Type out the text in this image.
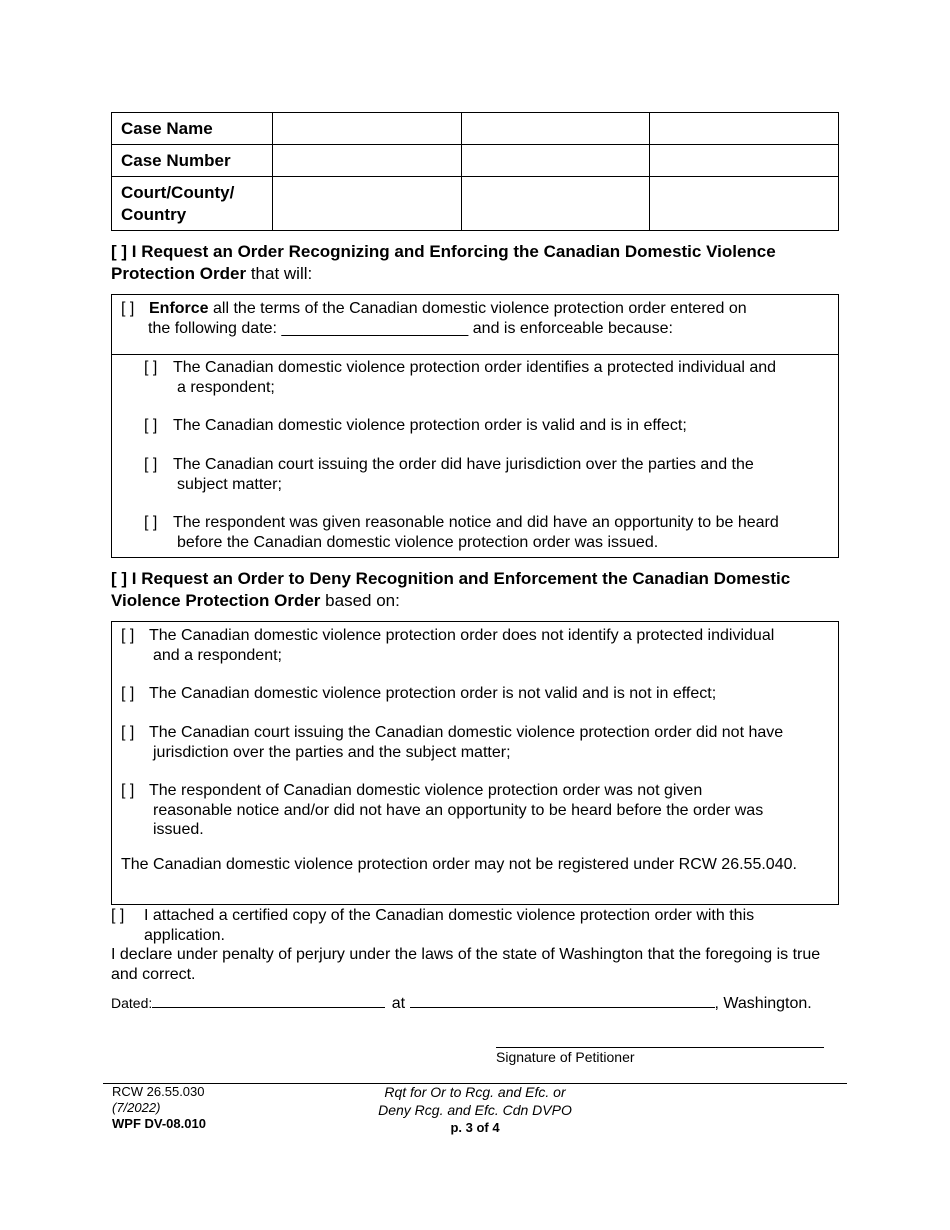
Case Name			
Case Number			
Court/County/ Country			
[ ] I Request an Order Recognizing and Enforcing the Canadian Domestic Violence Protection Order that will:
[ ] Enforce all the terms of the Canadian domestic violence protection order entered on
the following date: _____________________ and is enforceable because:
[ ] The Canadian domestic violence protection order identifies a protected individual and
a respondent;
[ ] The Canadian domestic violence protection order is valid and is in effect;
[ ] The Canadian court issuing the order did have jurisdiction over the parties and the
subject matter;
[ ] The respondent was given reasonable notice and did have an opportunity to be heard
before the Canadian domestic violence protection order was issued.
[ ] I Request an Order to Deny Recognition and Enforcement the Canadian Domestic Violence Protection Order based on:
[ ] The Canadian domestic violence protection order does not identify a protected individual
and a respondent;
[ ] The Canadian domestic violence protection order is not valid and is not in effect;
[ ] The Canadian court issuing the Canadian domestic violence protection order did not have
jurisdiction over the parties and the subject matter;
[ ] The respondent of Canadian domestic violence protection order was not given
reasonable notice and/or did not have an opportunity to be heard before the order was
issued.
The Canadian domestic violence protection order may not be registered under RCW 26.55.040.
[ ]	I attached a certified copy of the Canadian domestic violence protection order with this
application.
I declare under penalty of perjury under the laws of the state of Washington that the foregoing is true and correct.
Dated:	at	, Washington.
Signature of Petitioner
RCW 26.55.030
(7/2022)
WPF DV-08.010
Rqt for Or to Rcg. and Efc. or
Deny Rcg. and Efc. Cdn DVPO
p. 3 of 4
